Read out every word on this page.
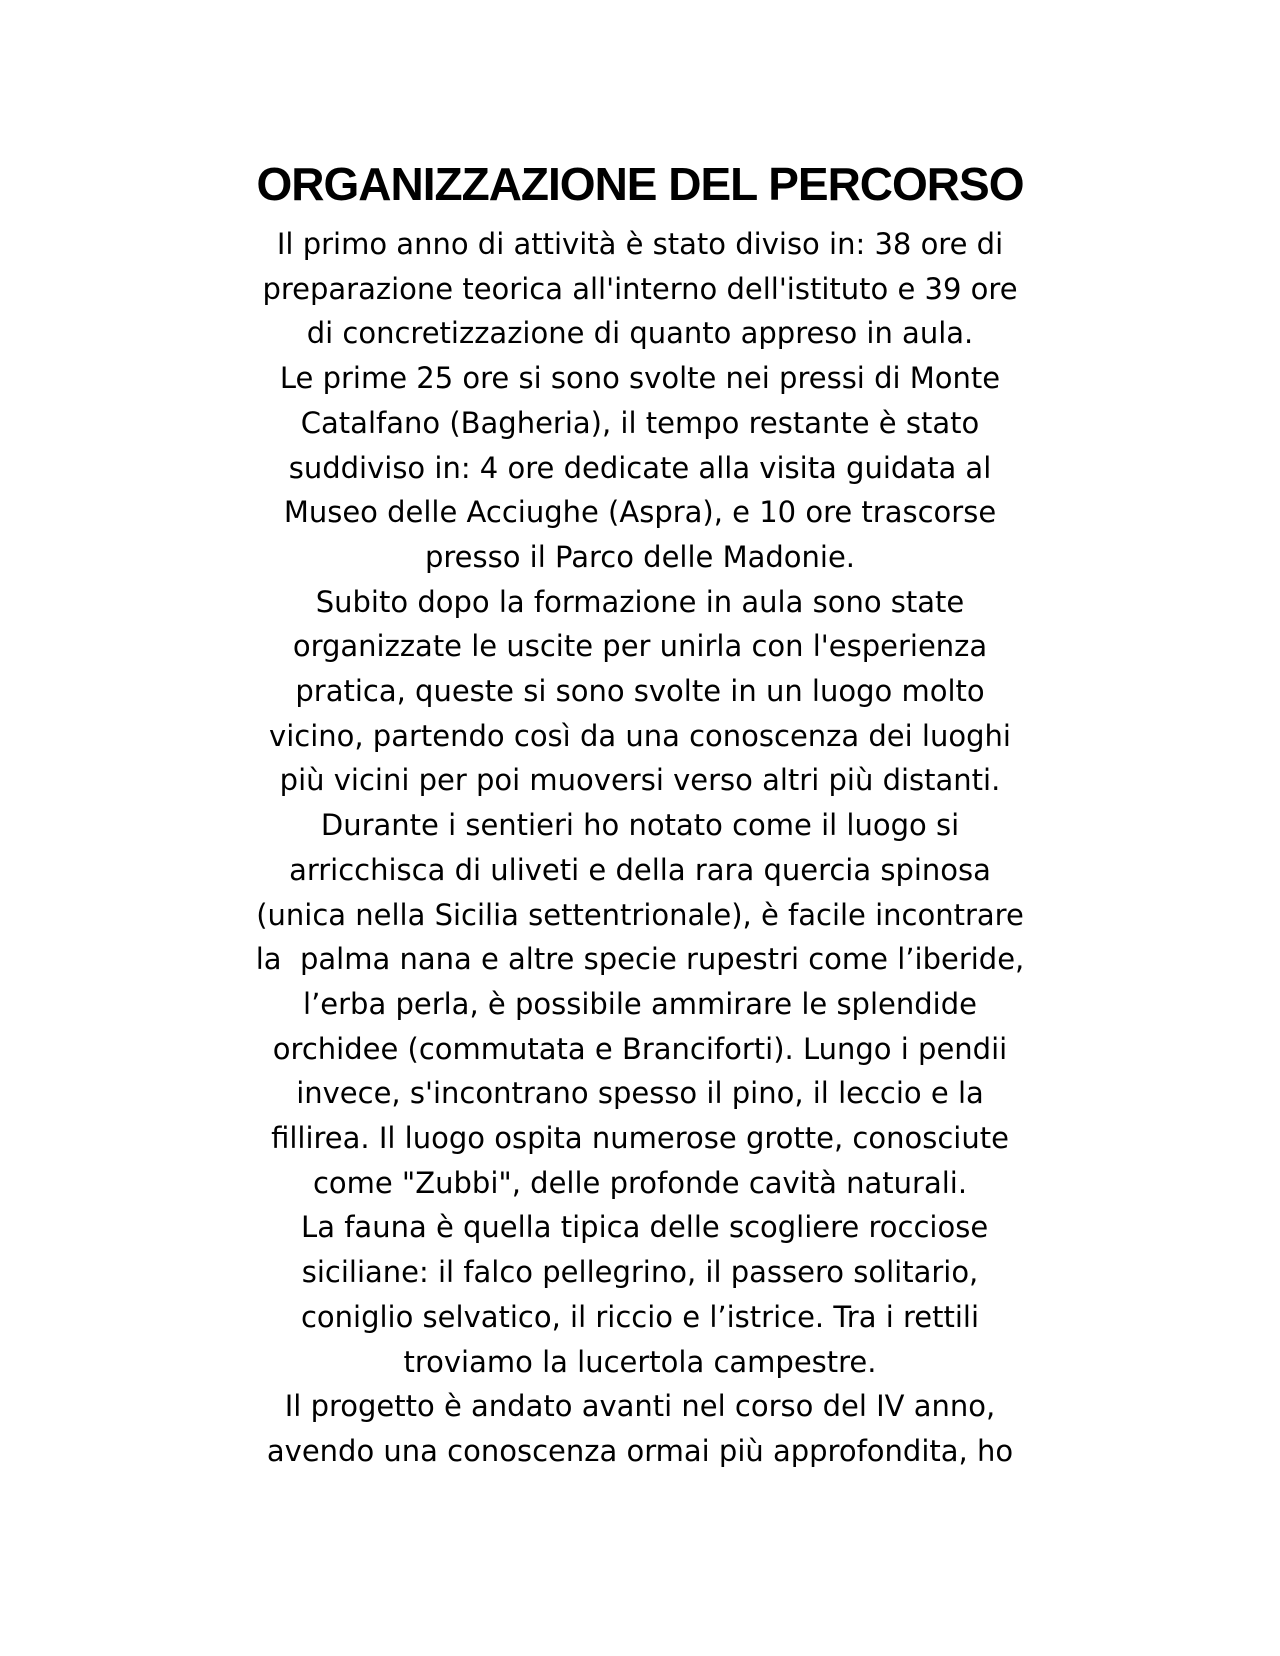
ORGANIZZAZIONE DEL PERCORSO
Il primo anno di attività è stato diviso in: 38 ore di
preparazione teorica all'interno dell'istituto e 39 ore
di concretizzazione di quanto appreso in aula.
Le prime 25 ore si sono svolte nei pressi di Monte
Catalfano (Bagheria), il tempo restante è stato
suddiviso in: 4 ore dedicate alla visita guidata al
Museo delle Acciughe (Aspra), e 10 ore trascorse
presso il Parco delle Madonie.
Subito dopo la formazione in aula sono state
organizzate le uscite per unirla con l'esperienza
pratica, queste si sono svolte in un luogo molto
vicino, partendo così da una conoscenza dei luoghi
più vicini per poi muoversi verso altri più distanti.
Durante i sentieri ho notato come il luogo si
arricchisca di uliveti e della rara quercia spinosa
(unica nella Sicilia settentrionale), è facile incontrare
la  palma nana e altre specie rupestri come l’iberide,
l’erba perla, è possibile ammirare le splendide
orchidee (commutata e Branciforti). Lungo i pendii
invece, s'incontrano spesso il pino, il leccio e la
fillirea. Il luogo ospita numerose grotte, conosciute
come "Zubbi", delle profonde cavità naturali.
La fauna è quella tipica delle scogliere rocciose
siciliane: il falco pellegrino, il passero solitario,
coniglio selvatico, il riccio e l’istrice. Tra i rettili
troviamo la lucertola campestre.
Il progetto è andato avanti nel corso del IV anno,
avendo una conoscenza ormai più approfondita, ho
